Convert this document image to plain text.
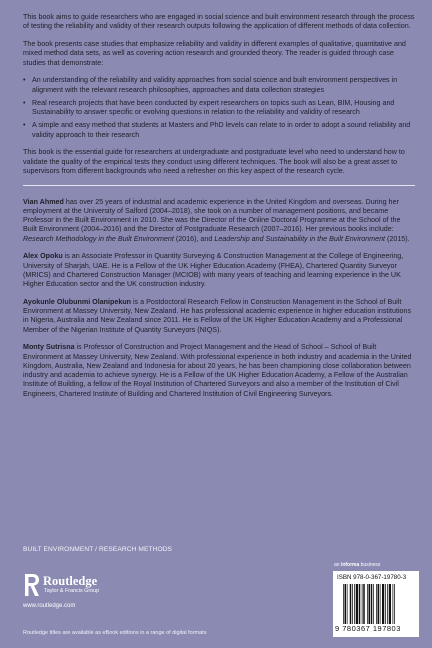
This book aims to guide researchers who are engaged in social science and built environment research through the process of testing the reliability and validity of their research outputs following the application of different methods of data collection.

The book presents case studies that emphasize reliability and validity in different examples of qualitative, quantitative and mixed method data sets, as well as covering action research and grounded theory. The reader is guided through case studies that demonstrate:

• An understanding of the reliability and validity approaches from social science and built environment perspectives in alignment with the relevant research philosophies, approaches and data collection strategies
• Real research projects that have been conducted by expert researchers on topics such as Lean, BIM, Housing and Sustainability to answer specific or evolving questions in relation to the reliability and validity of research
• A simple and easy method that students at Masters and PhD levels can relate to in order to adopt a sound reliability and validity approach to their research

This book is the essential guide for researchers at undergraduate and postgraduate level who need to understand how to validate the quality of the empirical tests they conduct using different techniques. The book will also be a great asset to supervisors from different backgrounds who need a refresher on this key aspect of the research cycle.

Vian Ahmed has over 25 years of industrial and academic experience in the United Kingdom and overseas. During her employment at the University of Salford (2004–2018), she took on a number of management positions, and became Professor in the Built Environment in 2010. She was the Director of the Online Doctoral Programme at the School of the Built Environment (2004–2016) and the Director of Postgraduate Research (2007–2016). Her previous books include: Research Methodology in the Built Environment (2016), and Leadership and Sustainability in the Built Environment (2015).

Alex Opoku is an Associate Professor in Quantity Surveying & Construction Management at the College of Engineering, University of Sharjah, UAE. He is a Fellow of the UK Higher Education Academy (FHEA), Chartered Quantity Surveyor (MRICS) and Chartered Construction Manager (MCIOB) with many years of teaching and learning experience in the UK Higher Education sector and the UK construction industry.

Ayokunle Olubunmi Olanipekun is a Postdoctoral Research Fellow in Construction Management in the School of Built Environment at Massey University, New Zealand. He has professional academic experience in higher education institutions in Nigeria, Australia and New Zealand since 2011. He is Fellow of the UK Higher Education Academy and a Professional Member of the Nigerian Institute of Quantity Surveyors (NIQS).

Monty Sutrisna is Professor of Construction and Project Management and the Head of School – School of Built Environment at Massey University, New Zealand. With professional experience in both industry and academia in the United Kingdom, Australia, New Zealand and Indonesia for about 20 years, he has been championing close collaboration between industry and academia to achieve synergy. He is a Fellow of the UK Higher Education Academy, a Fellow of the Australian Institute of Building, a fellow of the Royal Institution of Chartered Surveyors and also a member of the Institution of Civil Engineers, Chartered Institute of Building and Chartered Institution of Civil Engineering Surveyors.

BUILT ENVIRONMENT / RESEARCH METHODS
Routledge
Taylor & Francis Group
www.routledge.com
Routledge titles are available as eBook editions in a range of digital formats
an informa business
ISBN 978-0-367-19780-3
9 780367 197803
